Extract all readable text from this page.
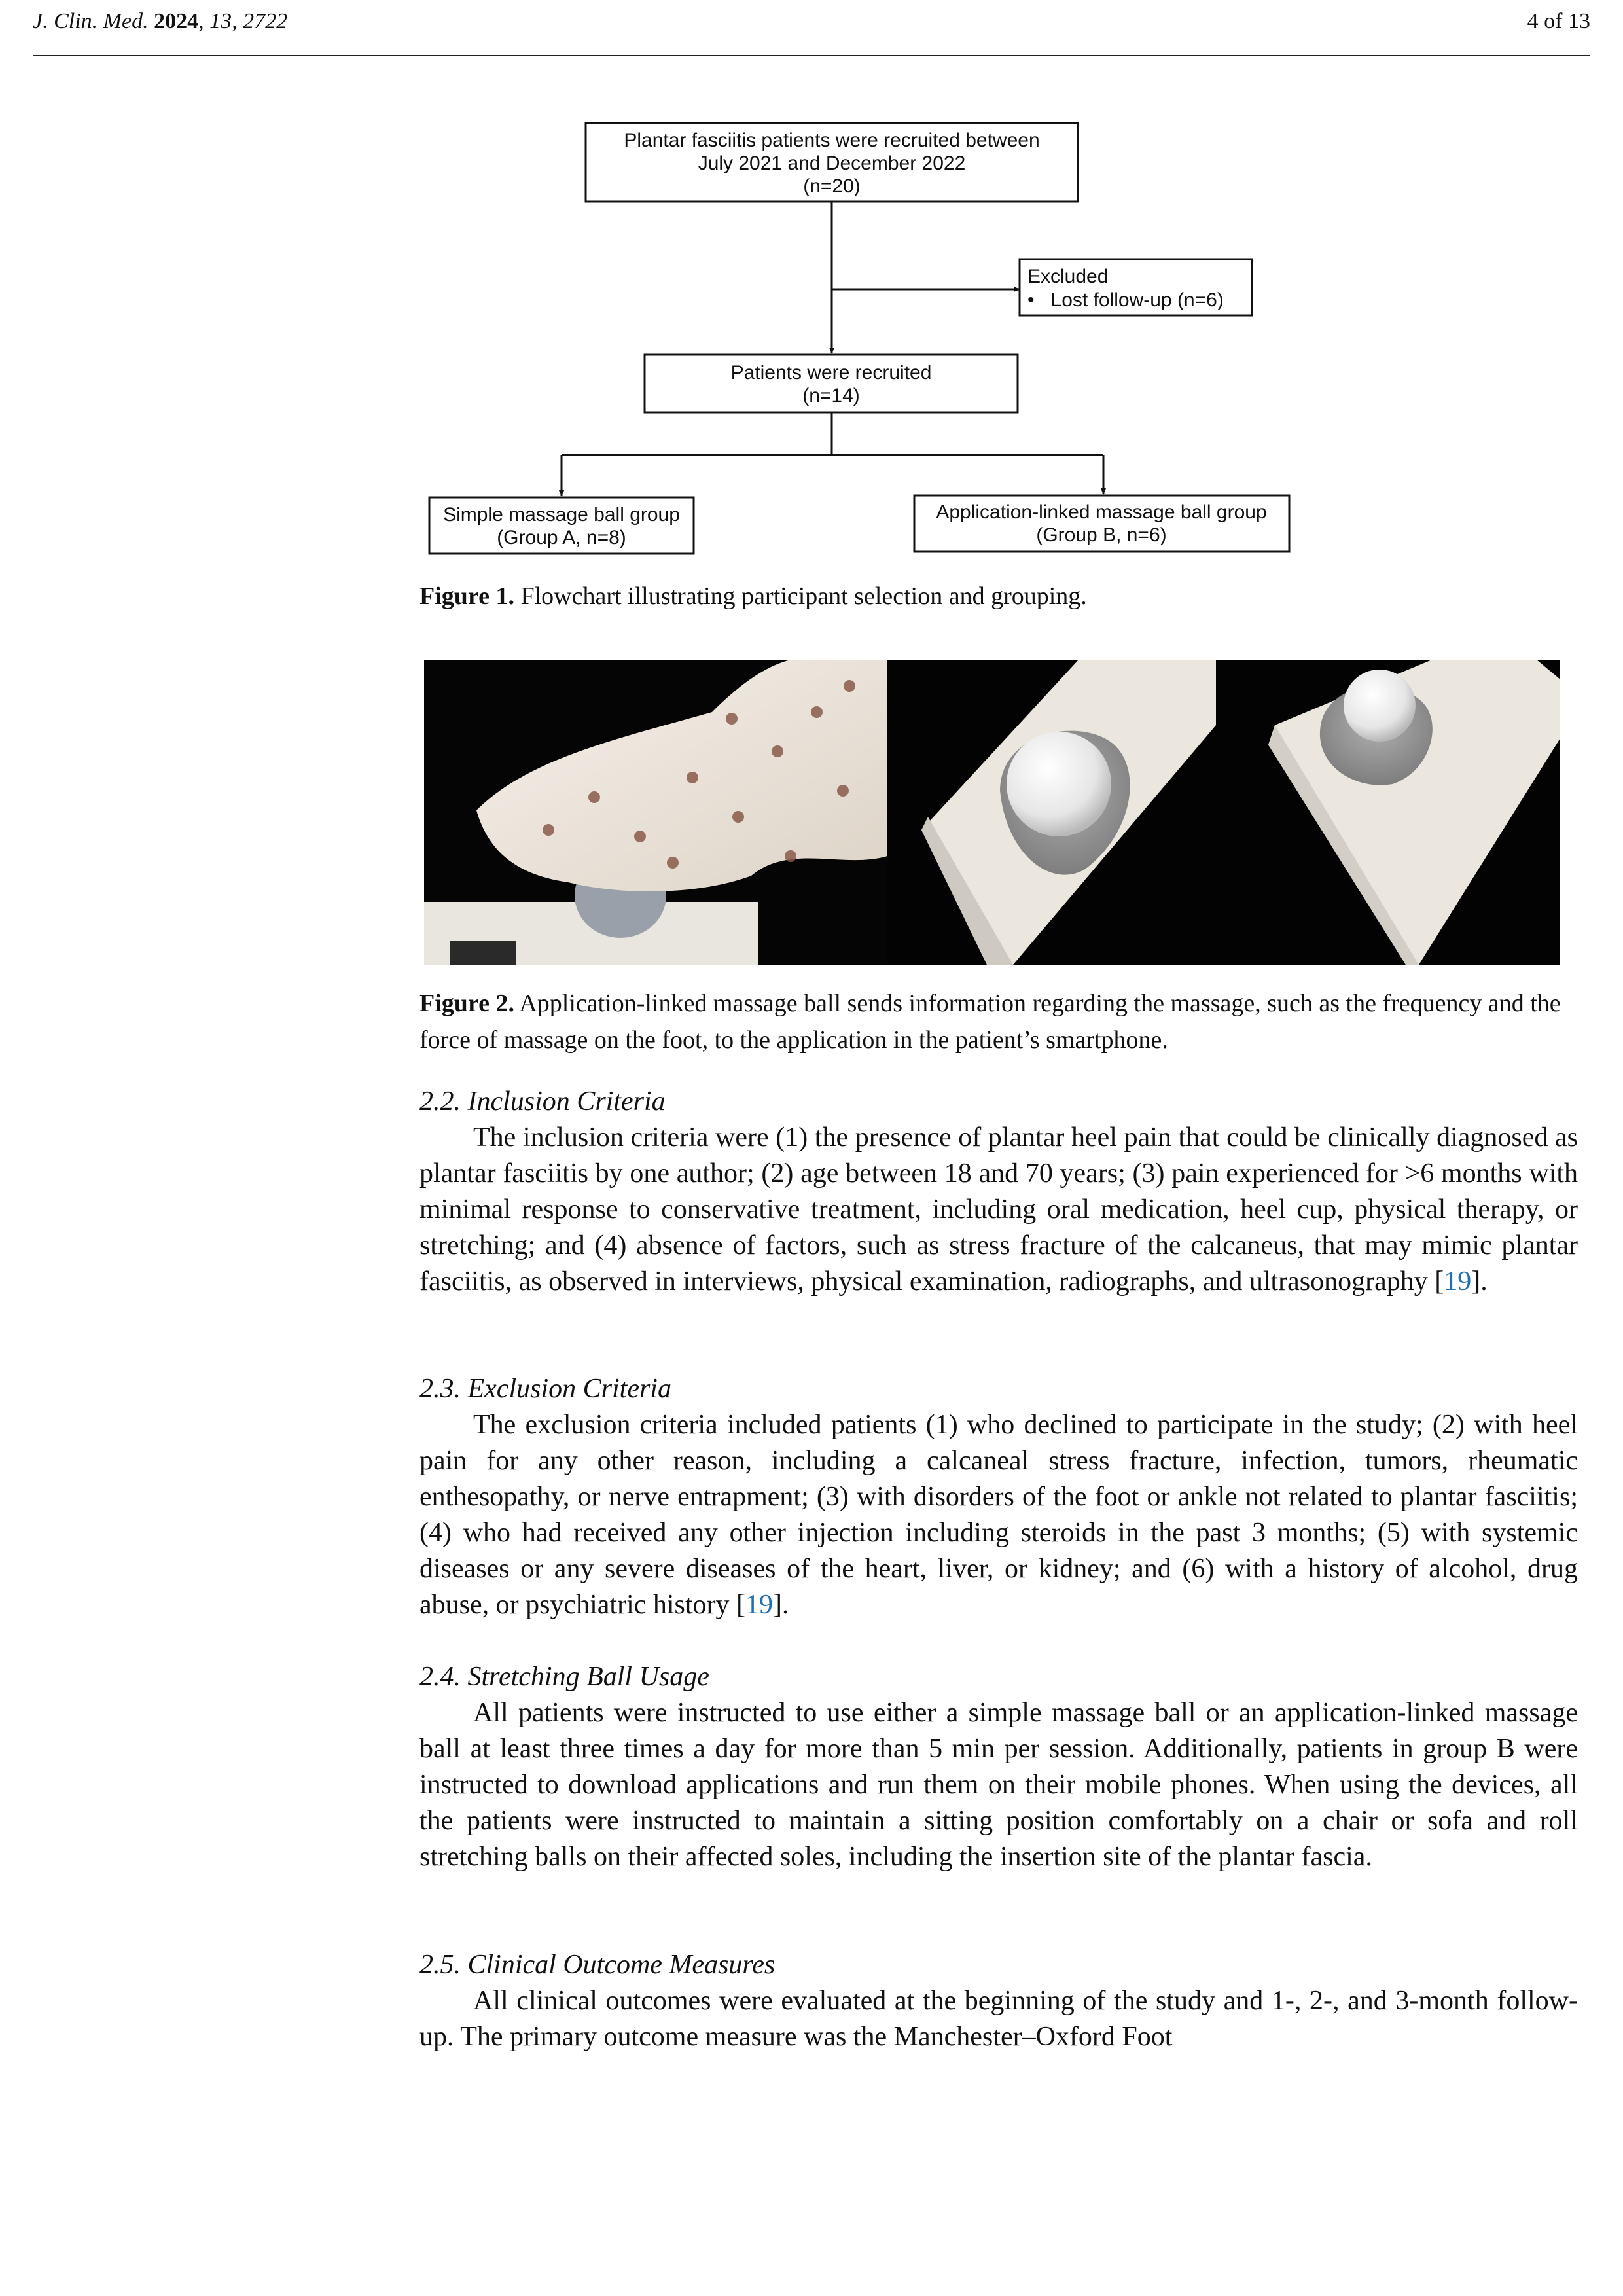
J. Clin. Med. 2024, 13, 2722	4 of 13
Plantar fasciitis patients were recruited between
July 2021 and December 2022
(n=20)
Excluded
•   Lost follow-up (n=6)
Patients were recruited
(n=14)
Simple massage ball group
(Group A, n=8)
Application-linked massage ball group
(Group B, n=6)
Figure 1. Flowchart illustrating participant selection and grouping.
Figure 2. Application-linked massage ball sends information regarding the massage, such as the frequency and the force of massage on the foot, to the application in the patient’s smartphone.

2.2. Inclusion Criteria

The inclusion criteria were (1) the presence of plantar heel pain that could be clinically diagnosed as plantar fasciitis by one author; (2) age between 18 and 70 years; (3) pain experienced for >6 months with minimal response to conservative treatment, including oral medication, heel cup, physical therapy, or stretching; and (4) absence of factors, such as stress fracture of the calcaneus, that may mimic plantar fasciitis, as observed in interviews, physical examination, radiographs, and ultrasonography [19].

2.3. Exclusion Criteria

The exclusion criteria included patients (1) who declined to participate in the study; (2) with heel pain for any other reason, including a calcaneal stress fracture, infection, tumors, rheumatic enthesopathy, or nerve entrapment; (3) with disorders of the foot or ankle not related to plantar fasciitis; (4) who had received any other injection including steroids in the past 3 months; (5) with systemic diseases or any severe diseases of the heart, liver, or kidney; and (6) with a history of alcohol, drug abuse, or psychiatric history [19].

2.4. Stretching Ball Usage

All patients were instructed to use either a simple massage ball or an application-linked massage ball at least three times a day for more than 5 min per session. Additionally, patients in group B were instructed to download applications and run them on their mobile phones. When using the devices, all the patients were instructed to maintain a sitting position comfortably on a chair or sofa and roll stretching balls on their affected soles, including the insertion site of the plantar fascia.

2.5. Clinical Outcome Measures

All clinical outcomes were evaluated at the beginning of the study and 1-, 2-, and 3-month follow-up. The primary outcome measure was the Manchester–Oxford Foot
